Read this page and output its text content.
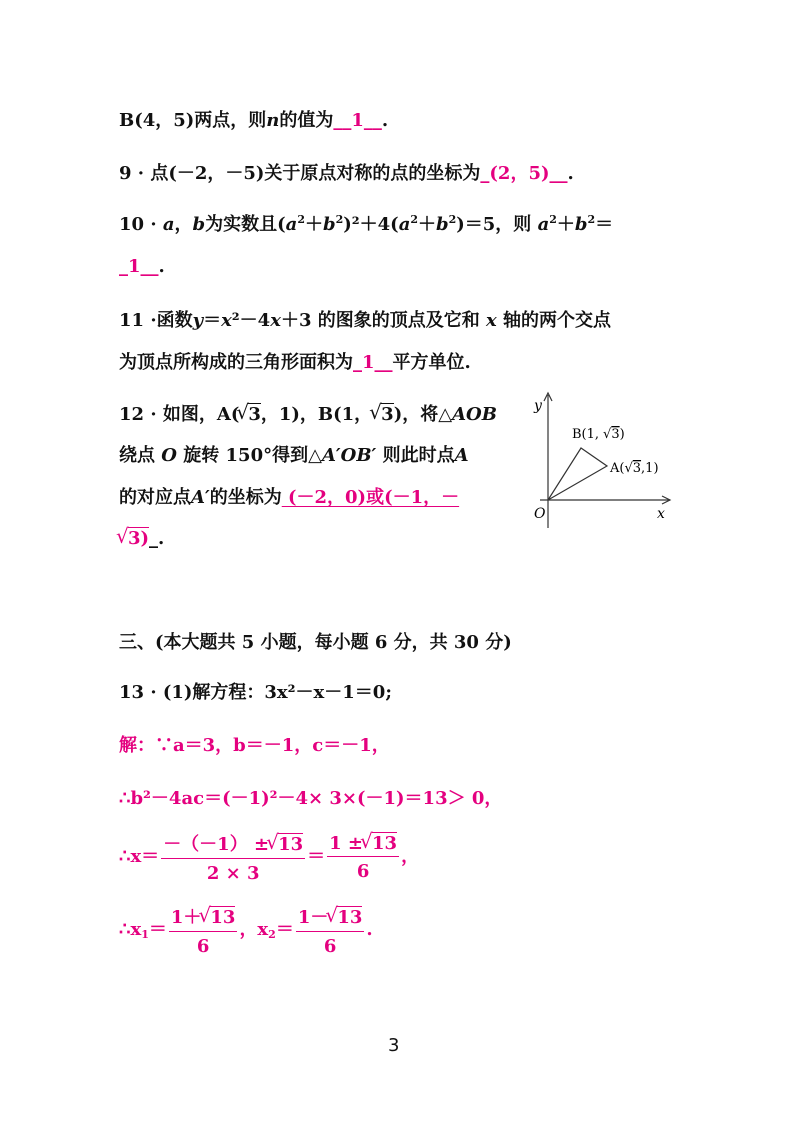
B(4，5)两点，则n的值为__1__.
9 · 点(－2，－5)关于原点对称的点的坐标为_(2，5)__.
10 · a，b为实数且$(a^2+b^2)^2+4(a^2+b^2)=5$，则 $a^2+b^2=$
_1__.
11 ·函数y＝x²－4x＋3 的图象的顶点及它和 x 轴的两个交点
为顶点所构成的三角形面积为_1__平方单位.
12 · 如图，A( √ 3，1)，B(1， √ 3)，将△AOB
绕点 O 旋转 150°得到△A′OB′ 则此时点A
的对应点A′的坐标为 (－2，0)或(－1，－
√ 3)_.
y
x
O
B(1, √3)
A(√3,1)
三、(本大题共 5 小题，每小题 6 分，共 30 分)
13 · (1)解方程：3x²－x－1＝0;
解：∵a＝3，b＝－1，c＝－1，
∴b²－4ac＝(－1)²－4× 3×(－1)＝13＞ 0，
∴x＝ $\frac{-(-1) \pm √ 13}{2 \times 3} = \frac{1 \pm √ 13}{6}$ ，
$\therefore x_1= \frac{1+ √ 13}{6}$ ，$x_2= \frac{1- √ 13}{6}$ .
3
